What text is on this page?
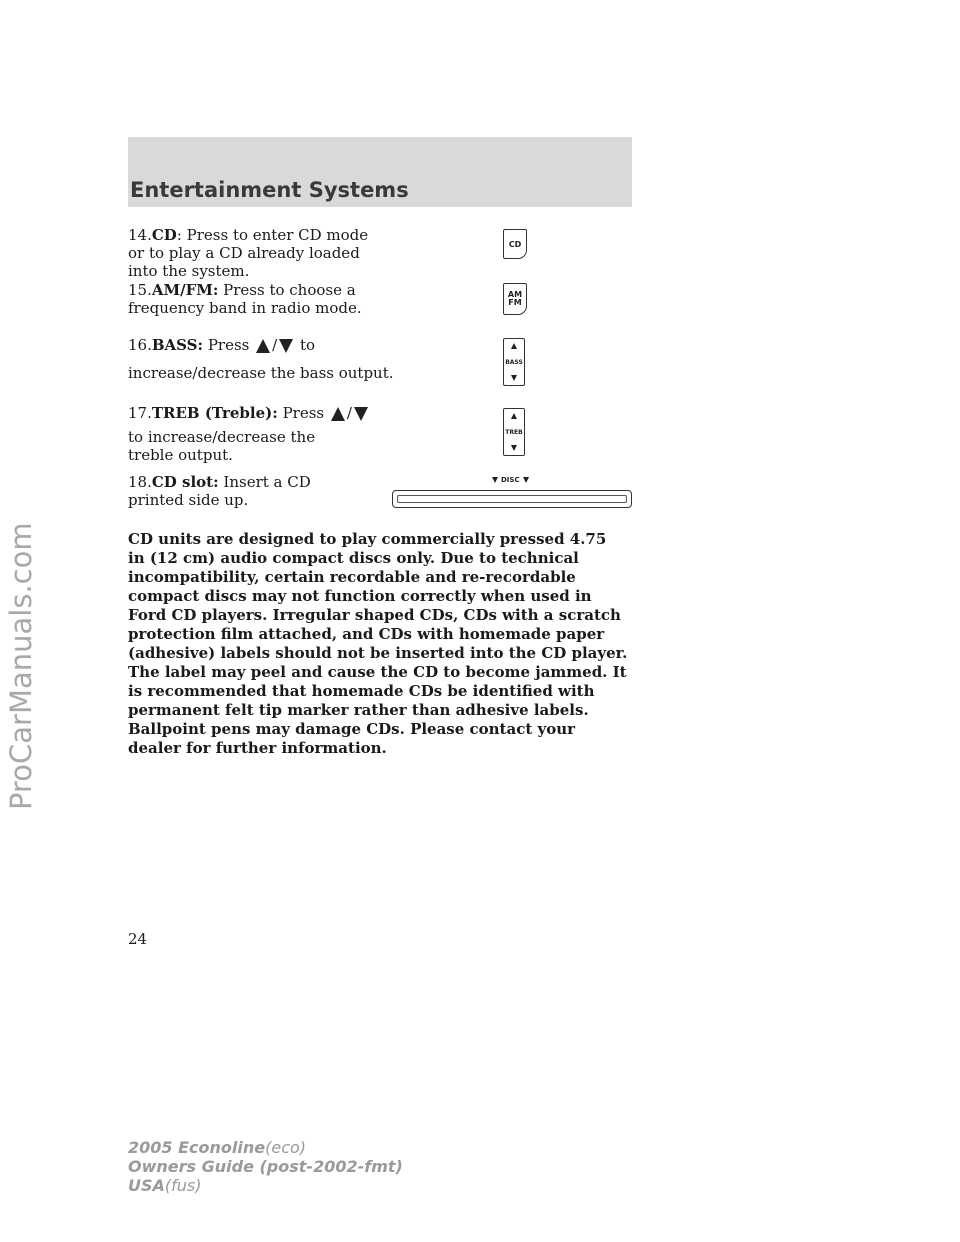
Entertainment Systems
14.CD: Press to enter CD mode or to play a CD already loaded into the system.
CD
15.AM/FM: Press to choose a frequency band in radio mode.
AM
FM
16.BASS: Press / to
increase/decrease the bass output.
BASS
17.TREB (Treble): Press /
to increase/decrease the treble output.
TREB
18.CD slot: Insert a CD printed side up.
DISC
CD units are designed to play commercially pressed 4.75 in (12 cm) audio compact discs only. Due to technical incompatibility, certain recordable and re-recordable compact discs may not function correctly when used in Ford CD players. Irregular shaped CDs, CDs with a scratch protection film attached, and CDs with homemade paper (adhesive) labels should not be inserted into the CD player. The label may peel and cause the CD to become jammed. It is recommended that homemade CDs be identified with permanent felt tip marker rather than adhesive labels. Ballpoint pens may damage CDs. Please contact your dealer for further information.
24
2005 Econoline(eco)
Owners Guide (post-2002-fmt)
USA(fus)
ProCarManuals.com
